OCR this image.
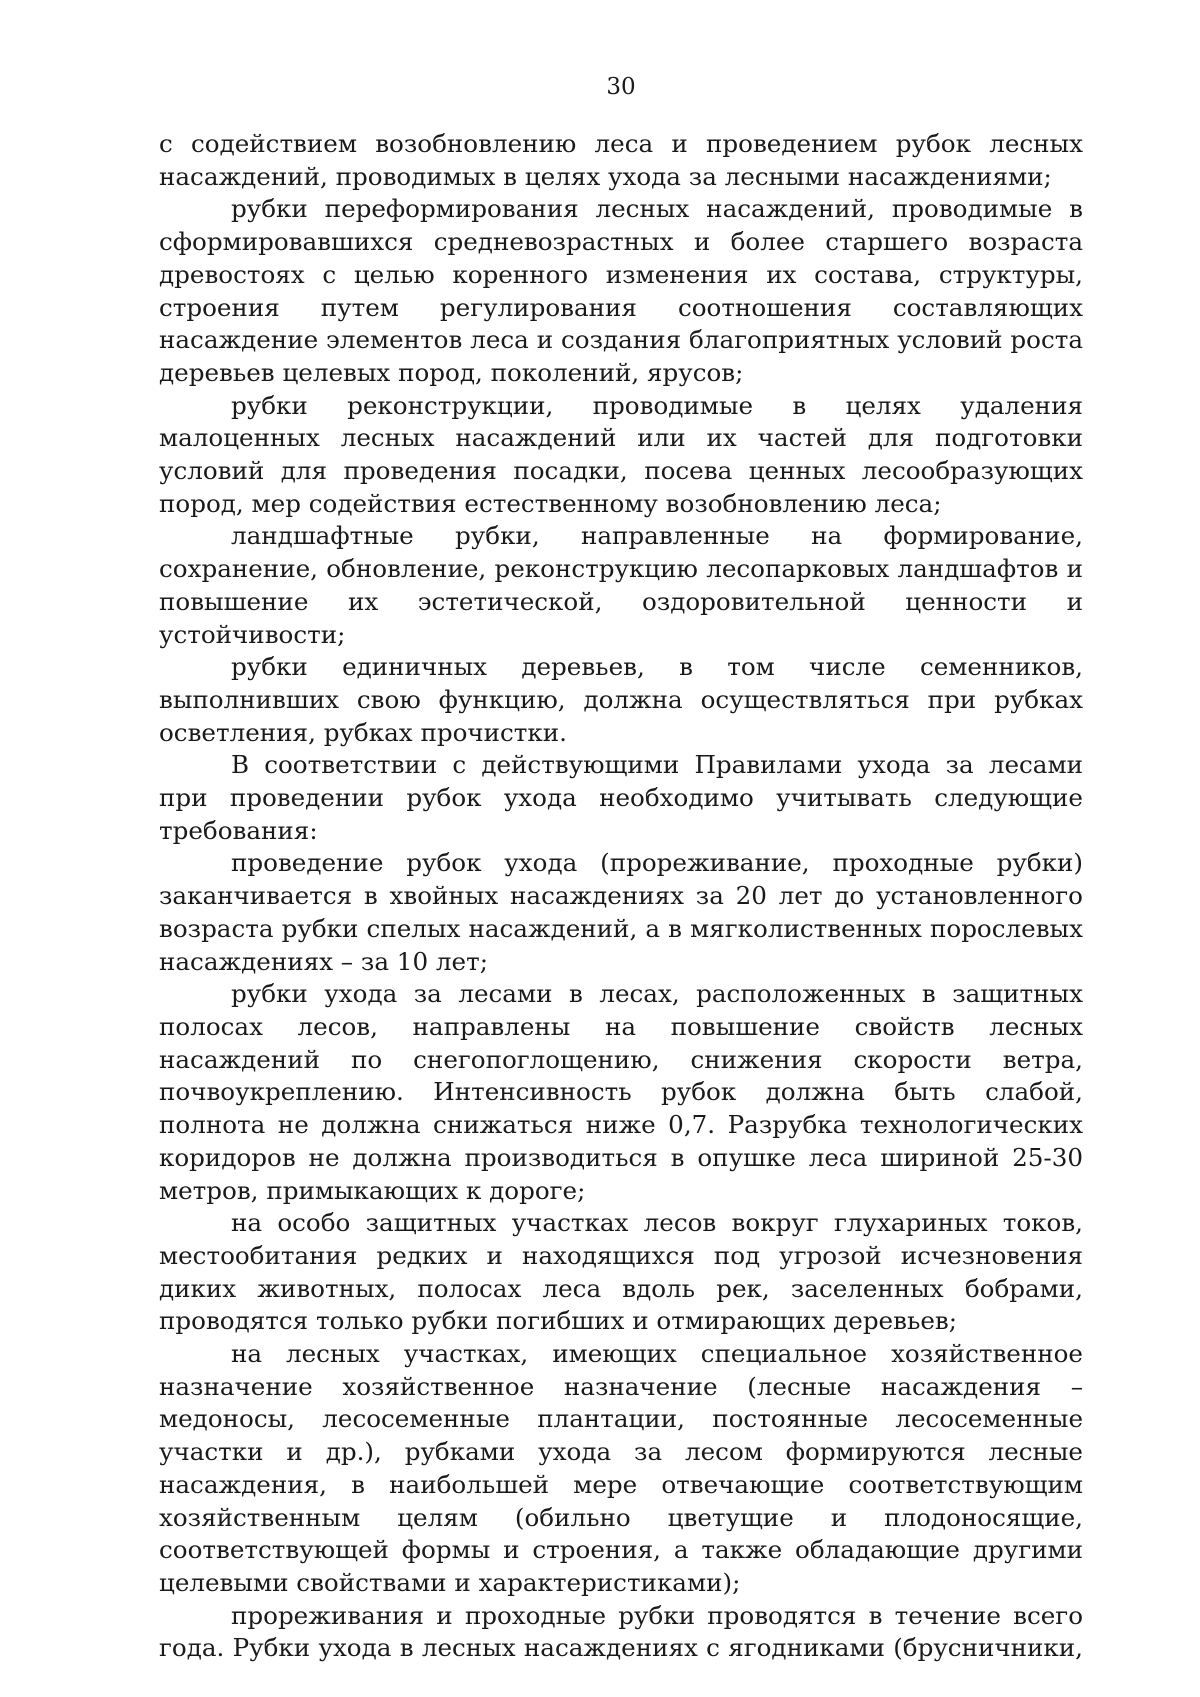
30

с содействием возобновлению леса и проведением рубок лесных насаждений, проводимых в целях ухода за лесными насаждениями;

рубки переформирования лесных насаждений, проводимые в сформировавшихся средневозрастных и более старшего возраста древостоях с целью коренного изменения их состава, структуры, строения путем регулирования соотношения составляющих насаждение элементов леса и создания благоприятных условий роста деревьев целевых пород, поколений, ярусов;

рубки реконструкции, проводимые в целях удаления малоценных лесных насаждений или их частей для подготовки условий для проведения посадки, посева ценных лесообразующих пород, мер содействия естественному возобновлению леса;

ландшафтные рубки, направленные на формирование, сохранение, обновление, реконструкцию лесопарковых ландшафтов и повышение их эстетической, оздоровительной ценности и устойчивости;

рубки единичных деревьев, в том числе семенников, выполнивших свою функцию, должна осуществляться при рубках осветления, рубках прочистки.

В соответствии с действующими Правилами ухода за лесами при проведении рубок ухода необходимо учитывать следующие требования:

проведение рубок ухода (прореживание, проходные рубки) заканчивается в хвойных насаждениях за 20 лет до установленного возраста рубки спелых насаждений, а в мягколиственных порослевых насаждениях – за 10 лет;

рубки ухода за лесами в лесах, расположенных в защитных полосах лесов, направлены на повышение свойств лесных насаждений по снегопоглощению, снижения скорости ветра, почвоукреплению. Интенсивность рубок должна быть слабой, полнота не должна снижаться ниже 0,7. Разрубка технологических коридоров не должна производиться в опушке леса шириной 25-30 метров, примыкающих к дороге;

на особо защитных участках лесов вокруг глухариных токов, местообитания редких и находящихся под угрозой исчезновения диких животных, полосах леса вдоль рек, заселенных бобрами, проводятся только рубки погибших и отмирающих деревьев;

на лесных участках, имеющих специальное хозяйственное назначение хозяйственное назначение (лесные насаждения – медоносы, лесосеменные плантации, постоянные лесосеменные участки и др.), рубками ухода за лесом формируются лесные насаждения, в наибольшей мере отвечающие соответствующим хозяйственным целям (обильно цветущие и плодоносящие, соответствующей формы и строения, а также обладающие другими целевыми свойствами и характеристиками);

прореживания и проходные рубки проводятся в течение всего года. Рубки ухода в лесных насаждениях с ягодниками (брусничники,
